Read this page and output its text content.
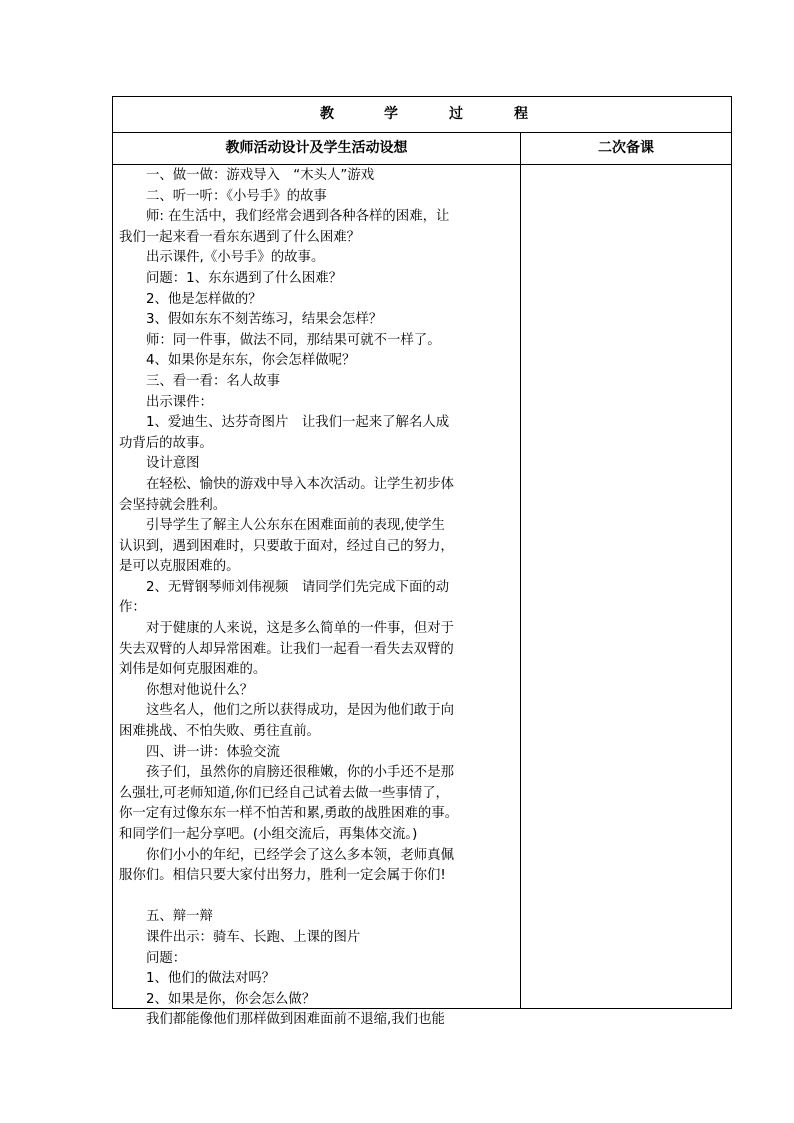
教	学	过	程
教师活动设计及学生活动设想	二次备课
一、做一做：游戏导入　“木头人”游戏
二、听一听：《小号手》的故事
师: 在生活中，我们经常会遇到各种各样的困难，让
我们一起来看一看东东遇到了什么困难？
出示课件,《小号手》的故事。
问题：1、东东遇到了什么困难？
2、他是怎样做的？
3、假如东东不刻苦练习，结果会怎样？
师：同一件事，做法不同，那结果可就不一样了。
4、如果你是东东，你会怎样做呢？
三、看一看：名人故事
出示课件：
1、爱迪生、达芬奇图片　让我们一起来了解名人成
功背后的故事。
设计意图
在轻松、愉快的游戏中导入本次活动。让学生初步体
会坚持就会胜利。
引导学生了解主人公东东在困难面前的表现,使学生
认识到，遇到困难时，只要敢于面对，经过自己的努力，
是可以克服困难的。
2、无臂钢琴师刘伟视频　请同学们先完成下面的动
作：
对于健康的人来说，这是多么简单的一件事，但对于
失去双臂的人却异常困难。让我们一起看一看失去双臂的
刘伟是如何克服困难的。
你想对他说什么？
这些名人，他们之所以获得成功，是因为他们敢于向
困难挑战、不怕失败、勇往直前。
四、讲一讲：体验交流
孩子们，虽然你的肩膀还很稚嫩，你的小手还不是那
么强壮,可老师知道,你们已经自己试着去做一些事情了，
你一定有过像东东一样不怕苦和累,勇敢的战胜困难的事。
和同学们一起分享吧。(小组交流后，再集体交流。)
你们小小的年纪，已经学会了这么多本领，老师真佩
服你们。相信只要大家付出努力，胜利一定会属于你们!
五、辩一辩
课件出示：骑车、长跑、上课的图片
问题：
1、他们的做法对吗？
2、如果是你，你会怎么做？
我们都能像他们那样做到困难面前不退缩,我们也能
